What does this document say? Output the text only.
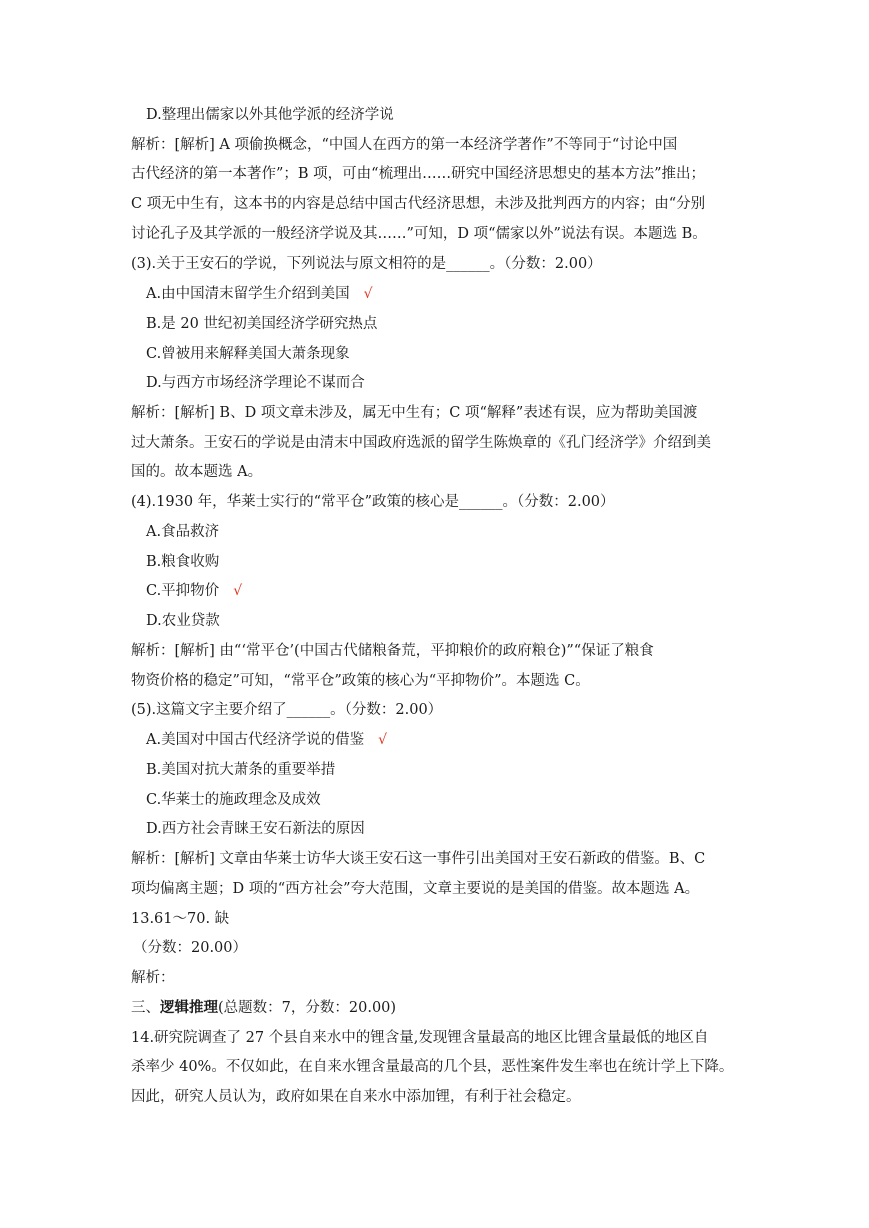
D.整理出儒家以外其他学派的经济学说
解析：[解析] A 项偷换概念，“中国人在西方的第一本经济学著作”不等同于“讨论中国
古代经济的第一本著作”；B 项，可由“梳理出……研究中国经济思想史的基本方法”推出；
C 项无中生有，这本书的内容是总结中国古代经济思想，未涉及批判西方的内容；由“分别
讨论孔子及其学派的一般经济学说及其……”可知，D 项“儒家以外”说法有误。本题选 B。
(3).关于王安石的学说，下列说法与原文相符的是______。（分数：2.00）
A.由中国清末留学生介绍到美国 √
B.是 20 世纪初美国经济学研究热点
C.曾被用来解释美国大萧条现象
D.与西方市场经济学理论不谋而合
解析：[解析] B、D 项文章未涉及，属无中生有；C 项“解释”表述有误，应为帮助美国渡
过大萧条。王安石的学说是由清末中国政府选派的留学生陈焕章的《孔门经济学》介绍到美
国的。故本题选 A。
(4).1930 年，华莱士实行的“常平仓”政策的核心是______。（分数：2.00）
A.食品救济
B.粮食收购
C.平抑物价 √
D.农业贷款
解析：[解析] 由“‘常平仓’(中国古代储粮备荒，平抑粮价的政府粮仓)”“保证了粮食
物资价格的稳定”可知，“常平仓”政策的核心为“平抑物价”。本题选 C。
(5).这篇文字主要介绍了______。（分数：2.00）
A.美国对中国古代经济学说的借鉴 √
B.美国对抗大萧条的重要举措
C.华莱士的施政理念及成效
D.西方社会青睐王安石新法的原因
解析：[解析] 文章由华莱士访华大谈王安石这一事件引出美国对王安石新政的借鉴。B、C
项均偏离主题；D 项的“西方社会”夸大范围，文章主要说的是美国的借鉴。故本题选 A。
13.61～70. 缺
（分数：20.00）
解析：
三、逻辑推理(总题数：7，分数：20.00)
14.研究院调查了 27 个县自来水中的锂含量,发现锂含量最高的地区比锂含量最低的地区自
杀率少 40%。不仅如此，在自来水锂含量最高的几个县，恶性案件发生率也在统计学上下降。
因此，研究人员认为，政府如果在自来水中添加锂，有利于社会稳定。
